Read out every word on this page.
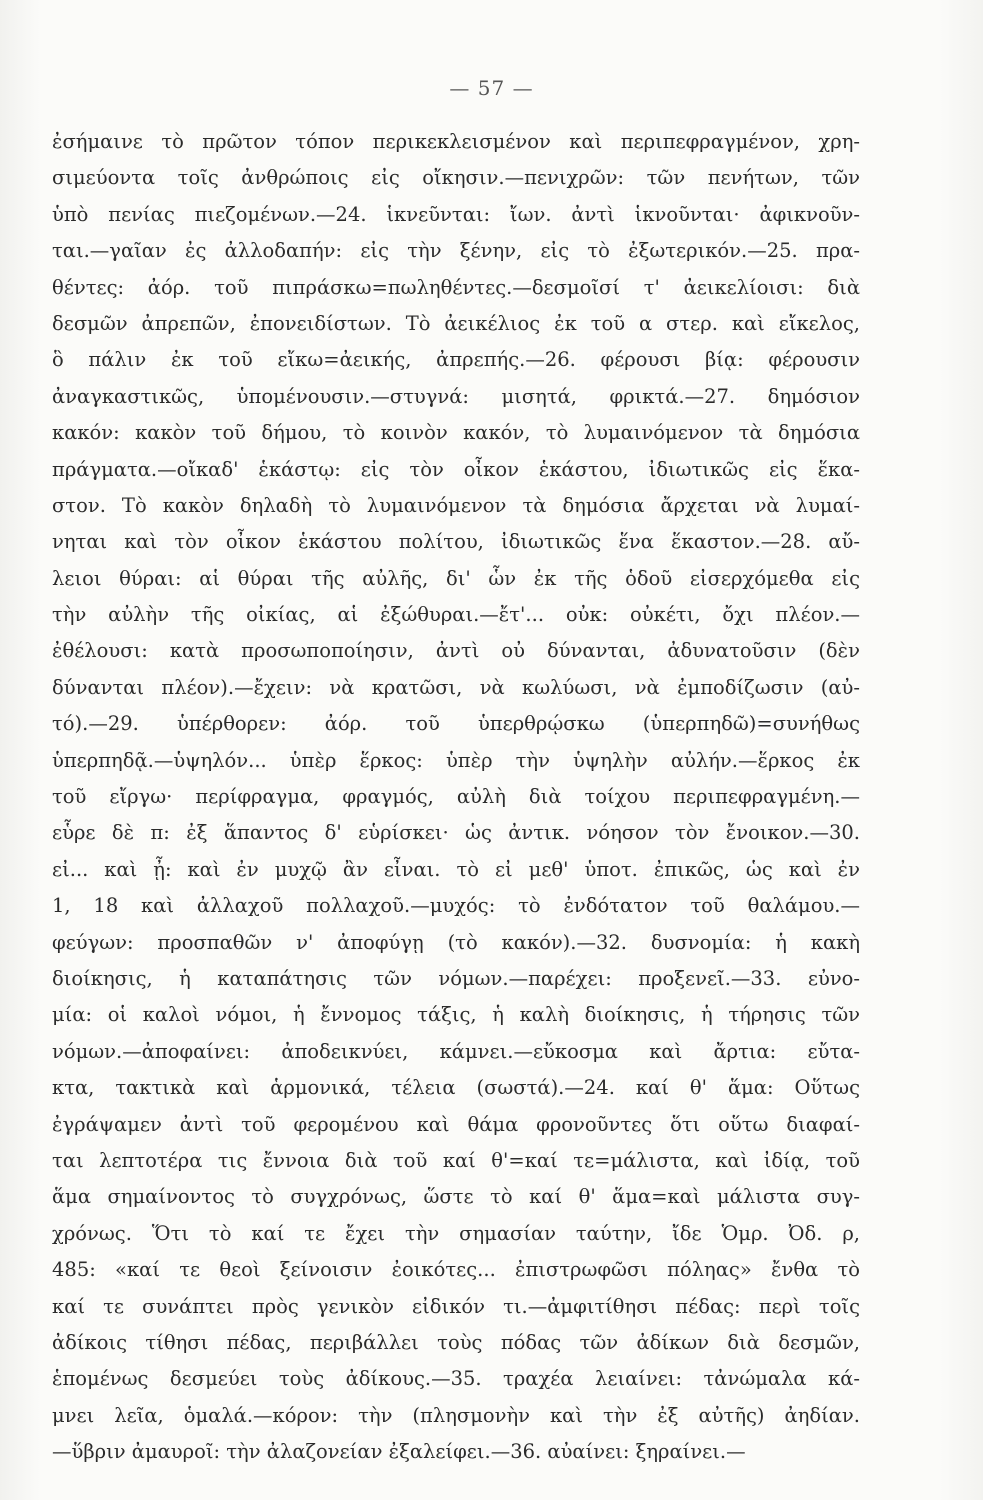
— 57 —
ἐσήμαινε τὸ πρῶτον τόπον περικεκλεισμένον καὶ περιπεφραγμένον, χρη-
σιμεύοντα τοῖς ἀνθρώποις εἰς οἴκησιν.—πενιχρῶν: τῶν πενήτων, τῶν
ὑπὸ πενίας πιεζομένων.—24. ἱκνεῦνται: ἴων. ἀντὶ ἱκνοῦνται· ἀφικνοῦν-
ται.—γαῖαν ἐς ἀλλοδαπήν: εἰς τὴν ξένην, εἰς τὸ ἐξωτερικόν.—25. πρα-
θέντες: ἀόρ. τοῦ πιπράσκω=πωληθέντες.—δεσμοῖσί τ' ἀεικελίοισι: διὰ
δεσμῶν ἀπρεπῶν, ἐπονειδίστων. Τὸ ἀεικέλιος ἐκ τοῦ α στερ. καὶ εἴκελος,
ὃ πάλιν ἐκ τοῦ εἴκω=ἀεικής, ἀπρεπής.—26. φέρουσι βίᾳ: φέρουσιν
ἀναγκαστικῶς, ὑπομένουσιν.—στυγνά: μισητά, φρικτά.—27. δημόσιον
κακόν: κακὸν τοῦ δήμου, τὸ κοινὸν κακόν, τὸ λυμαινόμενον τὰ δημόσια
πράγματα.—οἴκαδ' ἑκάστῳ: εἰς τὸν οἶκον ἑκάστου, ἰδιωτικῶς εἰς ἕκα-
στον. Τὸ κακὸν δηλαδὴ τὸ λυμαινόμενον τὰ δημόσια ἄρχεται νὰ λυμαί-
νηται καὶ τὸν οἶκον ἑκάστου πολίτου, ἰδιωτικῶς ἕνα ἕκαστον.—28. αὔ-
λειοι θύραι: αἱ θύραι τῆς αὐλῆς, δι' ὧν ἐκ τῆς ὁδοῦ εἰσερχόμεθα εἰς
τὴν αὐλὴν τῆς οἰκίας, αἱ ἐξώθυραι.—ἔτ'... οὐκ: οὐκέτι, ὄχι πλέον.—
ἐθέλουσι: κατὰ προσωποποίησιν, ἀντὶ οὐ δύνανται, ἀδυνατοῦσιν (δὲν
δύνανται πλέον).—ἔχειν: νὰ κρατῶσι, νὰ κωλύωσι, νὰ ἐμποδίζωσιν (αὐ-
τό).—29. ὑπέρθορεν: ἀόρ. τοῦ ὑπερθρῴσκω (ὑπερπηδῶ)=συνήθως
ὑπερπηδᾷ.—ὑψηλόν... ὑπὲρ ἕρκος: ὑπὲρ τὴν ὑψηλὴν αὐλήν.—ἕρκος ἐκ
τοῦ εἴργω· περίφραγμα, φραγμός, αὐλὴ διὰ τοίχου περιπεφραγμένη.—
εὗρε δὲ π: ἐξ ἅπαντος δ' εὑρίσκει· ὡς ἀντικ. νόησον τὸν ἔνοικον.—30.
εἰ... καὶ ᾖ: καὶ ἐν μυχῷ ἂν εἶναι. τὸ εἰ μεθ' ὑποτ. ἐπικῶς, ὡς καὶ ἐν
1, 18 καὶ ἀλλαχοῦ πολλαχοῦ.—μυχός: τὸ ἐνδότατον τοῦ θαλάμου.—
φεύγων: προσπαθῶν ν' ἀποφύγῃ (τὸ κακόν).—32. δυσνομία: ἡ κακὴ
διοίκησις, ἡ καταπάτησις τῶν νόμων.—παρέχει: προξενεῖ.—33. εὐνο-
μία: οἱ καλοὶ νόμοι, ἡ ἔννομος τάξις, ἡ καλὴ διοίκησις, ἡ τήρησις τῶν
νόμων.—ἀποφαίνει: ἀποδεικνύει, κάμνει.—εὔκοσμα καὶ ἄρτια: εὔτα-
κτα, τακτικὰ καὶ ἁρμονικά, τέλεια (σωστά).—24. καί θ' ἅμα: Οὕτως
ἐγράψαμεν ἀντὶ τοῦ φερομένου καὶ θάμα φρονοῦντες ὅτι οὕτω διαφαί-
ται λεπτοτέρα τις ἔννοια διὰ τοῦ καί θ'=καί τε=μάλιστα, καὶ ἰδίᾳ, τοῦ
ἅμα σημαίνοντος τὸ συγχρόνως, ὥστε τὸ καί θ' ἅμα=καὶ μάλιστα συγ-
χρόνως. Ὅτι τὸ καί τε ἔχει τὴν σημασίαν ταύτην, ἴδε Ὁμρ. Ὀδ. ρ,
485: «καί τε θεοὶ ξείνοισιν ἐοικότες... ἐπιστρωφῶσι πόληας» ἔνθα τὸ
καί τε συνάπτει πρὸς γενικὸν εἰδικόν τι.—ἀμφιτίθησι πέδας: περὶ τοῖς
ἀδίκοις τίθησι πέδας, περιβάλλει τοὺς πόδας τῶν ἀδίκων διὰ δεσμῶν,
ἑπομένως δεσμεύει τοὺς ἀδίκους.—35. τραχέα λειαίνει: τἀνώμαλα κά-
μνει λεῖα, ὁμαλά.—κόρον: τὴν (πλησμονὴν καὶ τὴν ἐξ αὐτῆς) ἀηδίαν.
—ὕβριν ἀμαυροῖ: τὴν ἀλαζονείαν ἐξαλείφει.—36. αὐαίνει: ξηραίνει.—
